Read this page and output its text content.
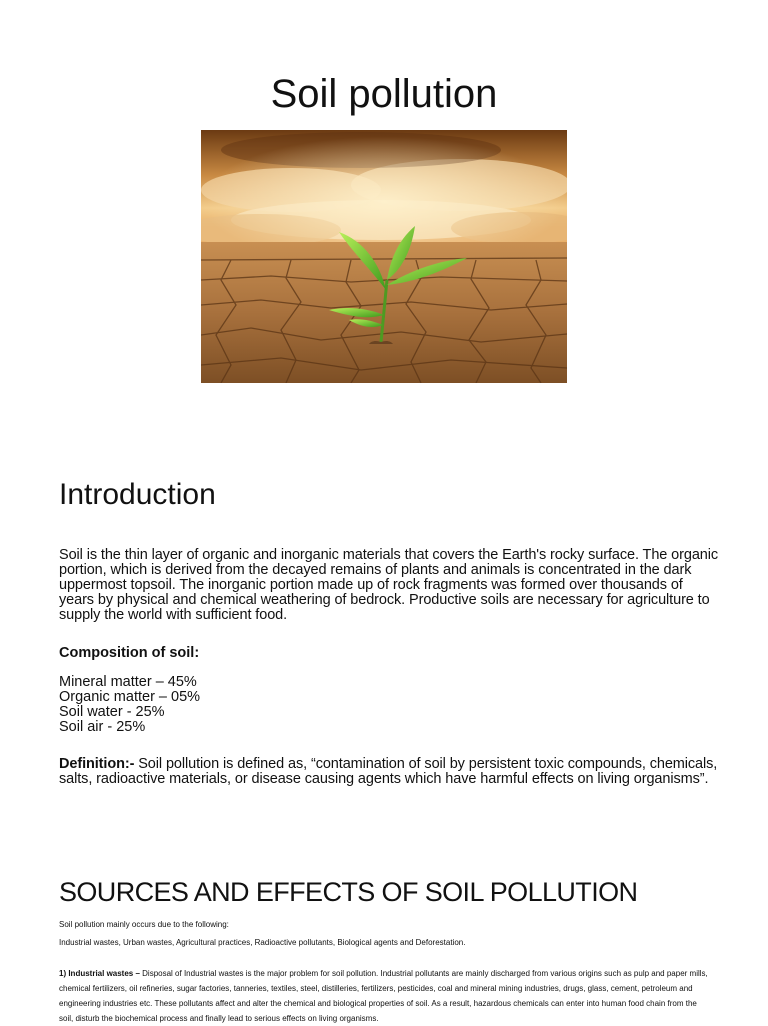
Soil pollution
Introduction

Soil is the thin layer of organic and inorganic materials that covers the Earth's rocky surface. The organic portion, which is derived from the decayed remains of plants and animals is concentrated in the dark uppermost topsoil. The inorganic portion made up of rock fragments was formed over thousands of years by physical and chemical weathering of bedrock. Productive soils are necessary for agriculture to supply the world with sufficient food.

Composition of soil:

Mineral matter – 45%
Organic matter – 05%
Soil water - 25%
Soil air - 25%

Definition:- Soil pollution is defined as, “contamination of soil by persistent toxic compounds, chemicals, salts, radioactive materials, or disease causing agents which have harmful effects on living organisms”.

SOURCES AND EFFECTS OF SOIL POLLUTION

Soil pollution mainly occurs due to the following:

Industrial wastes, Urban wastes, Agricultural practices, Radioactive pollutants, Biological agents and Deforestation.

1) Industrial wastes – Disposal of Industrial wastes is the major problem for soil pollution. Industrial pollutants are mainly discharged from various origins such as pulp and paper mills, chemical fertilizers, oil refineries, sugar factories, tanneries, textiles, steel, distilleries, fertilizers, pesticides, coal and mineral mining industries, drugs, glass, cement, petroleum and engineering industries etc. These pollutants affect and alter the chemical and biological properties of soil. As a result, hazardous chemicals can enter into human food chain from the soil, disturb the biochemical process and finally lead to serious effects on living organisms.
